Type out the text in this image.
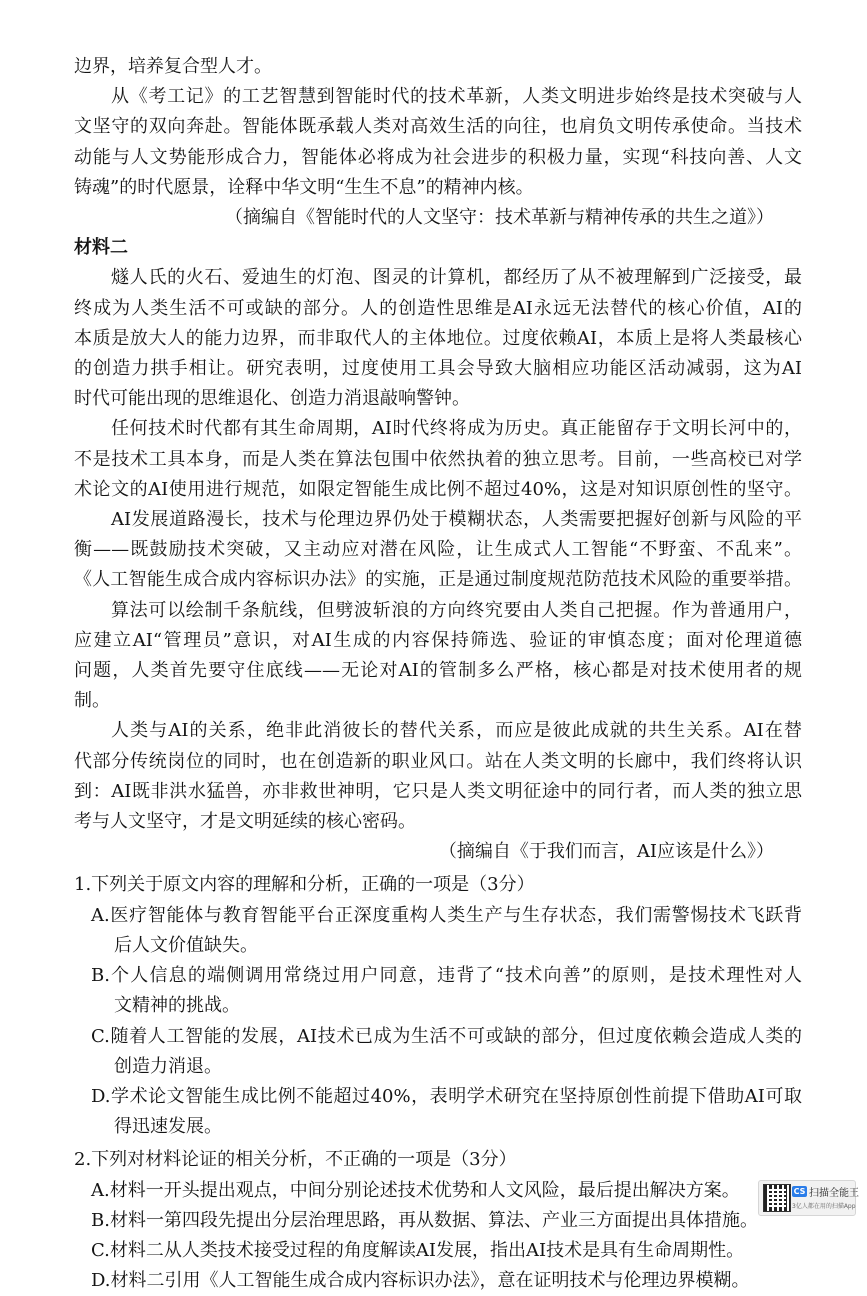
边界，培养复合型人才。
从《考工记》的工艺智慧到智能时代的技术革新，人类文明进步始终是技术突破与人
文坚守的双向奔赴。智能体既承载人类对高效生活的向往，也肩负文明传承使命。当技术
动能与人文势能形成合力，智能体必将成为社会进步的积极力量，实现“科技向善、人文
铸魂”的时代愿景，诠释中华文明“生生不息”的精神内核。
（摘编自《智能时代的人文坚守：技术革新与精神传承的共生之道》）
材料二
燧人氏的火石、爱迪生的灯泡、图灵的计算机，都经历了从不被理解到广泛接受，最
终成为人类生活不可或缺的部分。人的创造性思维是AI永远无法替代的核心价值，AI的
本质是放大人的能力边界，而非取代人的主体地位。过度依赖AI，本质上是将人类最核心
的创造力拱手相让。研究表明，过度使用工具会导致大脑相应功能区活动减弱，这为AI
时代可能出现的思维退化、创造力消退敲响警钟。
任何技术时代都有其生命周期，AI时代终将成为历史。真正能留存于文明长河中的，
不是技术工具本身，而是人类在算法包围中依然执着的独立思考。目前，一些高校已对学
术论文的AI使用进行规范，如限定智能生成比例不超过40%，这是对知识原创性的坚守。
AI发展道路漫长，技术与伦理边界仍处于模糊状态，人类需要把握好创新与风险的平
衡——既鼓励技术突破，又主动应对潜在风险，让生成式人工智能“不野蛮、不乱来”。
《人工智能生成合成内容标识办法》的实施，正是通过制度规范防范技术风险的重要举措。
算法可以绘制千条航线，但劈波斩浪的方向终究要由人类自己把握。作为普通用户，
应建立AI“管理员”意识，对AI生成的内容保持筛选、验证的审慎态度；面对伦理道德
问题，人类首先要守住底线——无论对AI的管制多么严格，核心都是对技术使用者的规
制。
人类与AI的关系，绝非此消彼长的替代关系，而应是彼此成就的共生关系。AI在替
代部分传统岗位的同时，也在创造新的职业风口。站在人类文明的长廊中，我们终将认识
到：AI既非洪水猛兽，亦非救世神明，它只是人类文明征途中的同行者，而人类的独立思
考与人文坚守，才是文明延续的核心密码。
（摘编自《于我们而言，AI应该是什么》）
1.下列关于原文内容的理解和分析，正确的一项是（3分）
A.医疗智能体与教育智能平台正深度重构人类生产与生存状态，我们需警惕技术飞跃背
后人文价值缺失。
B.个人信息的端侧调用常绕过用户同意，违背了“技术向善”的原则，是技术理性对人
文精神的挑战。
C.随着人工智能的发展，AI技术已成为生活不可或缺的部分，但过度依赖会造成人类的
创造力消退。
D.学术论文智能生成比例不能超过40%，表明学术研究在坚持原创性前提下借助AI可取
得迅速发展。
2.下列对材料论证的相关分析，不正确的一项是（3分）
A.材料一开头提出观点，中间分别论述技术优势和人文风险，最后提出解决方案。
B.材料一第四段先提出分层治理思路，再从数据、算法、产业三方面提出具体措施。
C.材料二从人类技术接受过程的角度解读AI发展，指出AI技术是具有生命周期性。
D.材料二引用《人工智能生成合成内容标识办法》，意在证明技术与伦理边界模糊。
CS 扫描全能王
3亿人都在用的扫描App
